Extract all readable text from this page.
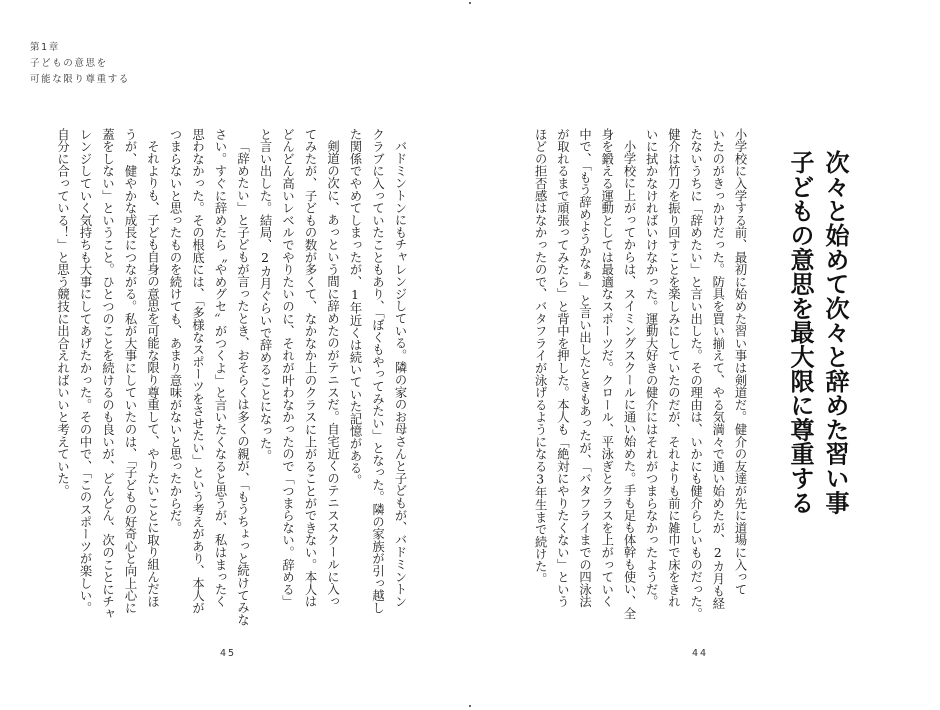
第1章
子どもの意思を
可能な限り尊重する
バドミントンにもチャレンジしている。隣の家のお母さんと子どもが、バドミントン
クラブに入っていたこともあり、「ぼくもやってみたい」となった。隣の家族が引っ越し
た関係でやめてしまったが、1年近くは続いていた記憶がある。
剣道の次に、あっという間に辞めたのがテニスだ。自宅近くのテニススクールに入っ
てみたが、子どもの数が多くて、なかなか上のクラスに上がることができない。本人は
どんどん高いレベルでやりたいのに、それが叶わなかったので「つまらない。辞める」
と言い出した。結局、2カ月ぐらいで辞めることになった。
「辞めたい」と子どもが言ったとき、おそらくは多くの親が、「もうちょっと続けてみな
さい。すぐに辞めたら〝やめグセ〟がつくよ」と言いたくなると思うが、私はまったく
思わなかった。その根底には、「多様なスポーツをさせたい」という考えがあり、本人が
つまらないと思ったものを続けても、あまり意味がないと思ったからだ。
それよりも、子ども自身の意思を可能な限り尊重して、やりたいことに取り組んだほ
うが、健やかな成長につながる。私が大事にしていたのは、「子どもの好奇心と向上心に
蓋をしない」ということ。ひとつのことを続けるのも良いが、どんどん、次のことにチャ
レンジしていく気持ちも大事にしてあげたかった。その中で、「このスポーツが楽しい。
自分に合っている！」と思う競技に出合えればいいと考えていた。
45
次々と始めて次々と辞めた習い事
子どもの意思を最大限に尊重する
小学校に入学する前、最初に始めた習い事は剣道だ。健介の友達が先に道場に入って
いたのがきっかけだった。防具を買い揃えて、やる気満々で通い始めたが、2カ月も経
たないうちに「辞めたい」と言い出した。その理由は、いかにも健介らしいものだった。
健介は竹刀を振り回すことを楽しみにしていたのだが、それよりも前に雑巾で床をきれ
いに拭かなければいけなかった。運動大好きの健介にはそれがつまらなかったようだ。
小学校に上がってからは、スイミングスクールに通い始めた。手も足も体幹も使い、全
身を鍛える運動としては最適なスポーツだ。クロール、平泳ぎとクラスを上がっていく
中で、「もう辞めようかなぁ」と言い出したときもあったが、「バタフライまでの四泳法
が取れるまで頑張ってみたら」と背中を押した。本人も「絶対にやりたくない」という
ほどの拒否感はなかったので、バタフライが泳げるようになる3年生まで続けた。
44
